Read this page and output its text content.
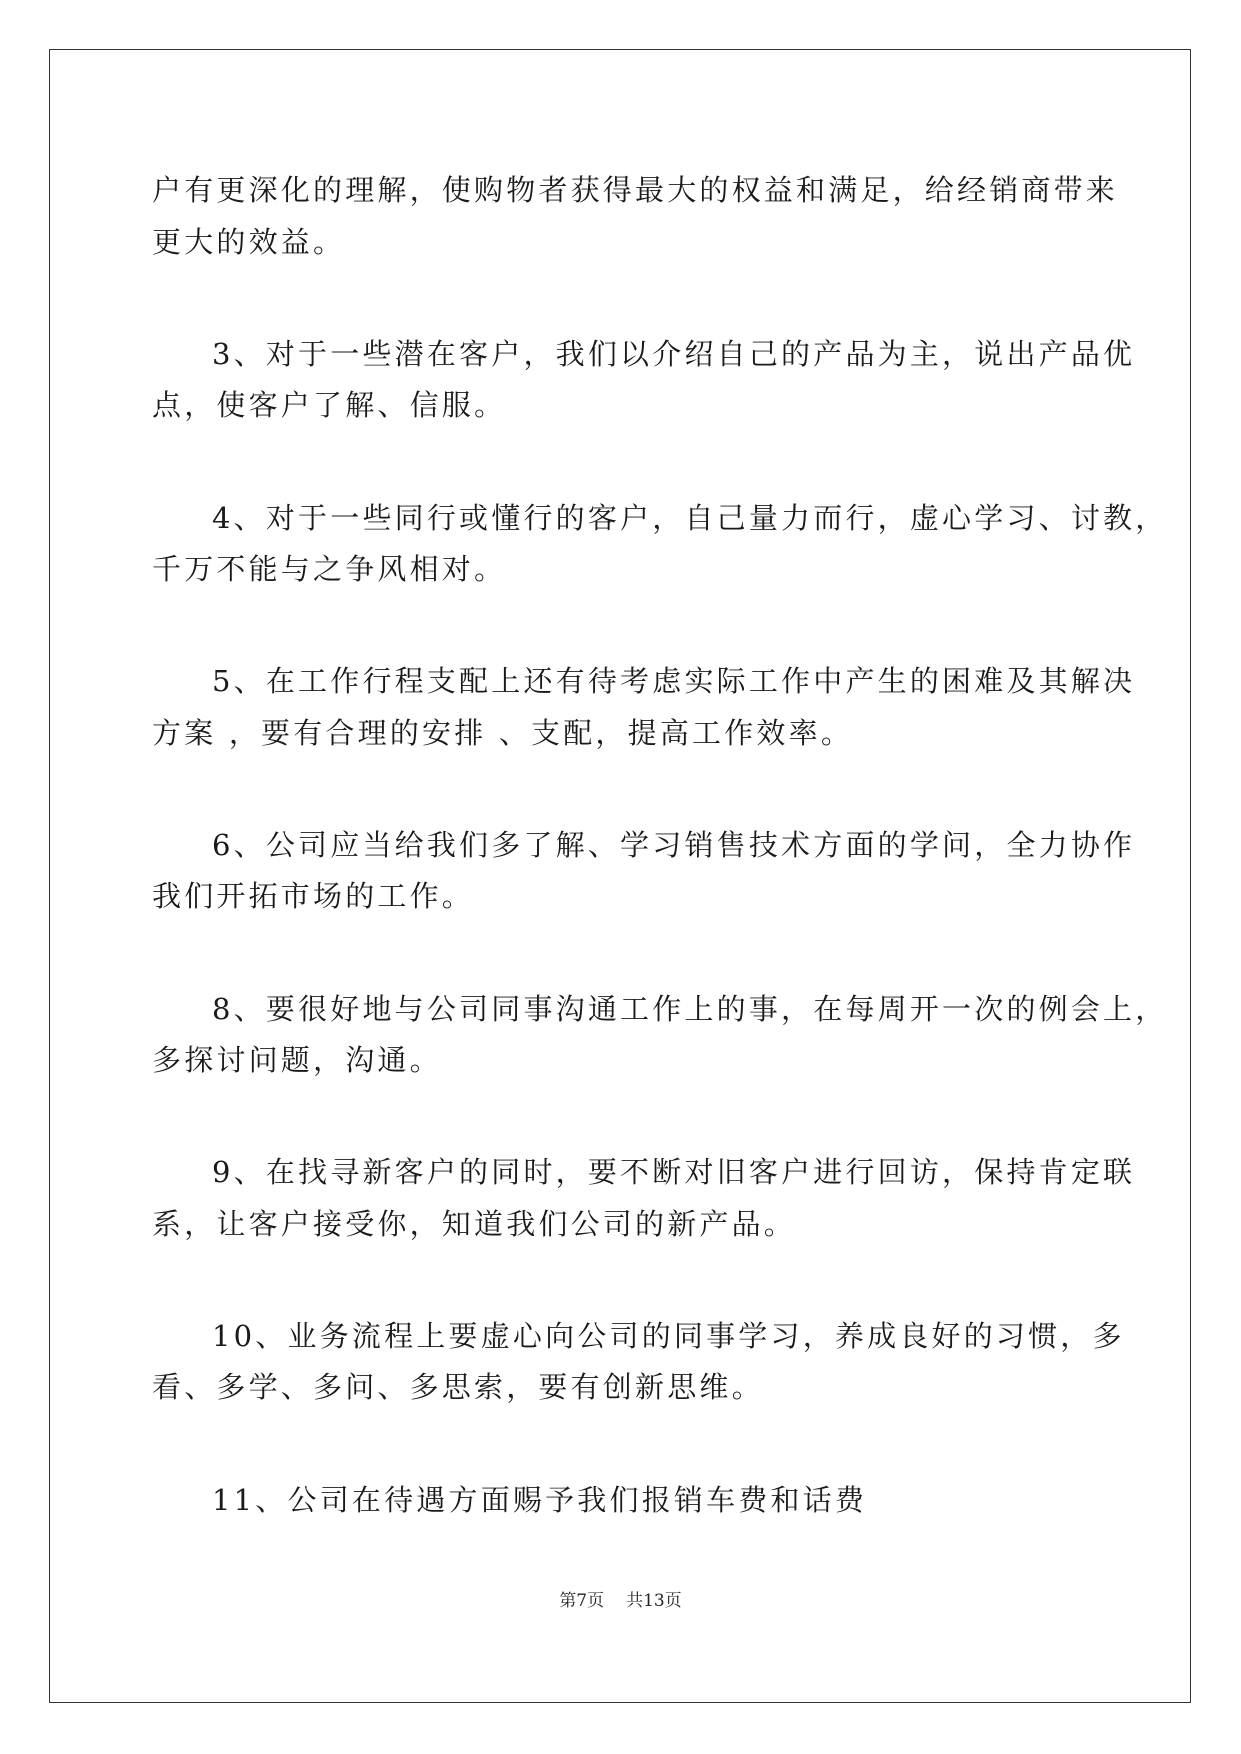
户有更深化的理解，使购物者获得最大的权益和满足，给经销商带来
更大的效益。
3、对于一些潜在客户，我们以介绍自己的产品为主，说出产品优
点，使客户了解、信服。
4、对于一些同行或懂行的客户，自己量力而行，虚心学习、讨教，
千万不能与之争风相对。
5、在工作行程支配上还有待考虑实际工作中产生的困难及其解决
方案 ，要有合理的安排 、支配，提高工作效率。
6、公司应当给我们多了解、学习销售技术方面的学问，全力协作
我们开拓市场的工作。
8、要很好地与公司同事沟通工作上的事，在每周开一次的例会上，
多探讨问题，沟通。
9、在找寻新客户的同时，要不断对旧客户进行回访，保持肯定联
系，让客户接受你，知道我们公司的新产品。
10、业务流程上要虚心向公司的同事学习，养成良好的习惯，多
看、多学、多问、多思索，要有创新思维。
11、公司在待遇方面赐予我们报销车费和话费
第7页 共13页
